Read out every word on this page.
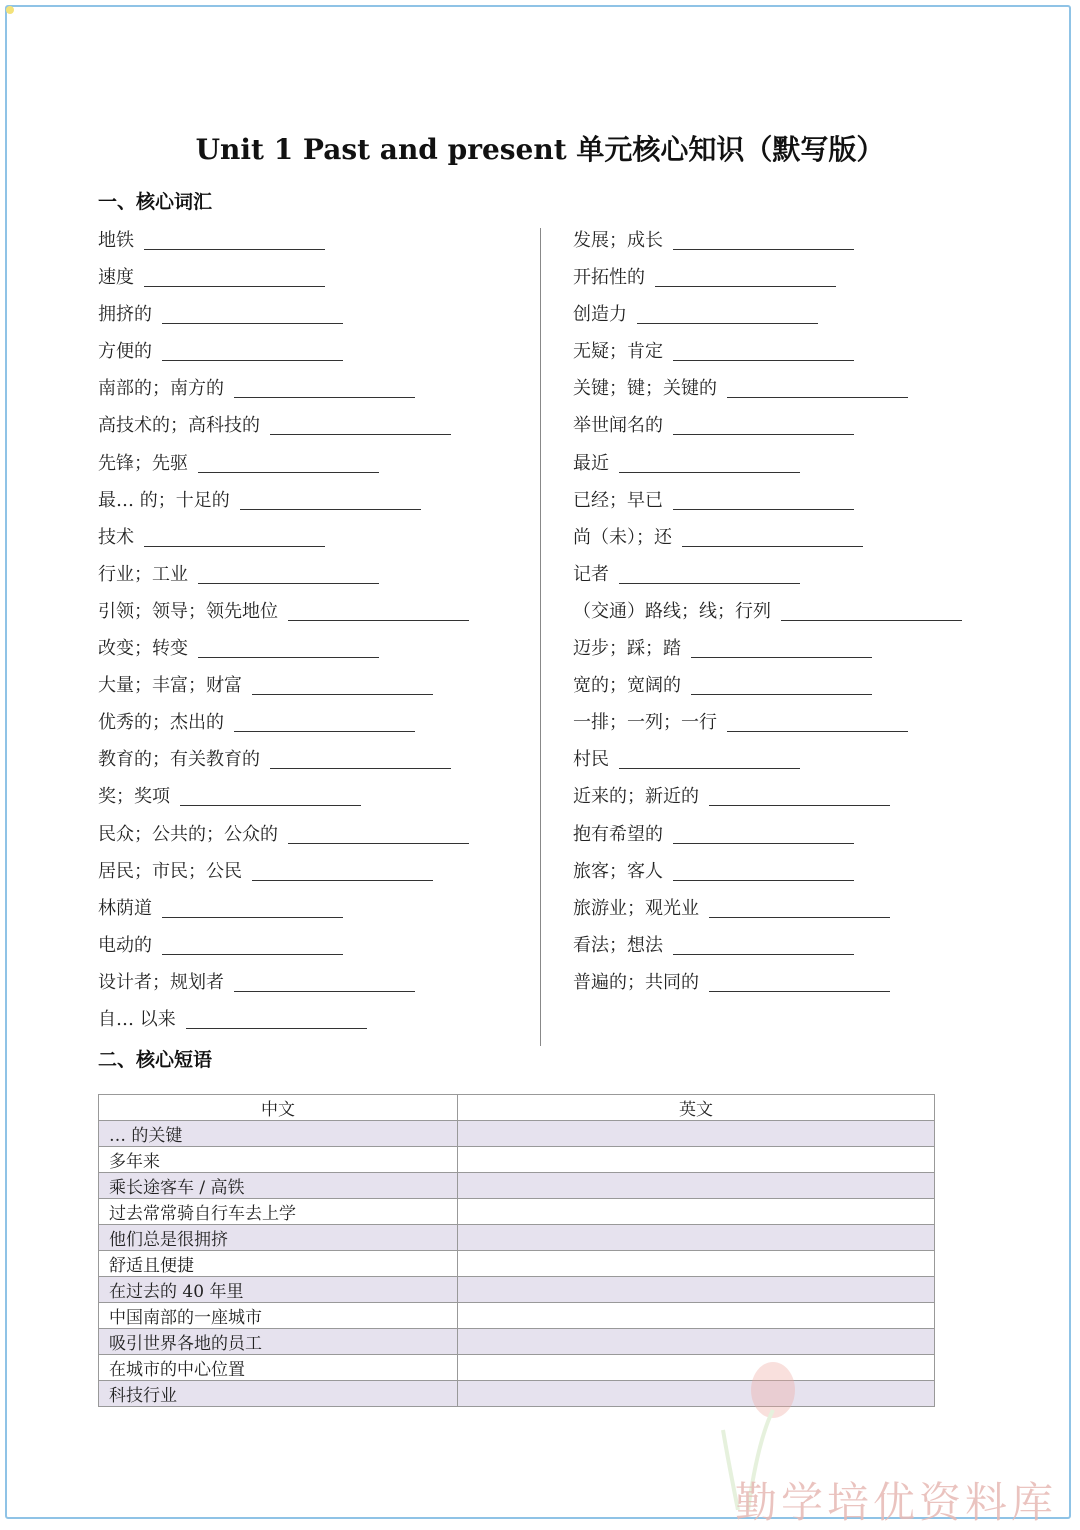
Unit 1 Past and present 单元核心知识（默写版）
一、核心词汇
地铁
速度
拥挤的
方便的
南部的；南方的
高技术的；高科技的
先锋；先驱
最… 的；十足的
技术
行业；工业
引领；领导；领先地位
改变；转变
大量；丰富；财富
优秀的；杰出的
教育的；有关教育的
奖；奖项
民众；公共的；公众的
居民；市民；公民
林荫道
电动的
设计者；规划者
自… 以来
发展；成长
开拓性的
创造力
无疑；肯定
关键；键；关键的
举世闻名的
最近
已经；早已
尚（未）；还
记者
（交通）路线；线；行列
迈步；踩；踏
宽的；宽阔的
一排；一列；一行
村民
近来的；新近的
抱有希望的
旅客；客人
旅游业；观光业
看法；想法
普遍的；共同的
二、核心短语
中文	英文
… 的关键	
多年来	
乘长途客车 / 高铁	
过去常常骑自行车去上学	
他们总是很拥挤	
舒适且便捷	
在过去的 40 年里	
中国南部的一座城市	
吸引世界各地的员工	
在城市的中心位置	
科技行业	
勤学培优资料库
